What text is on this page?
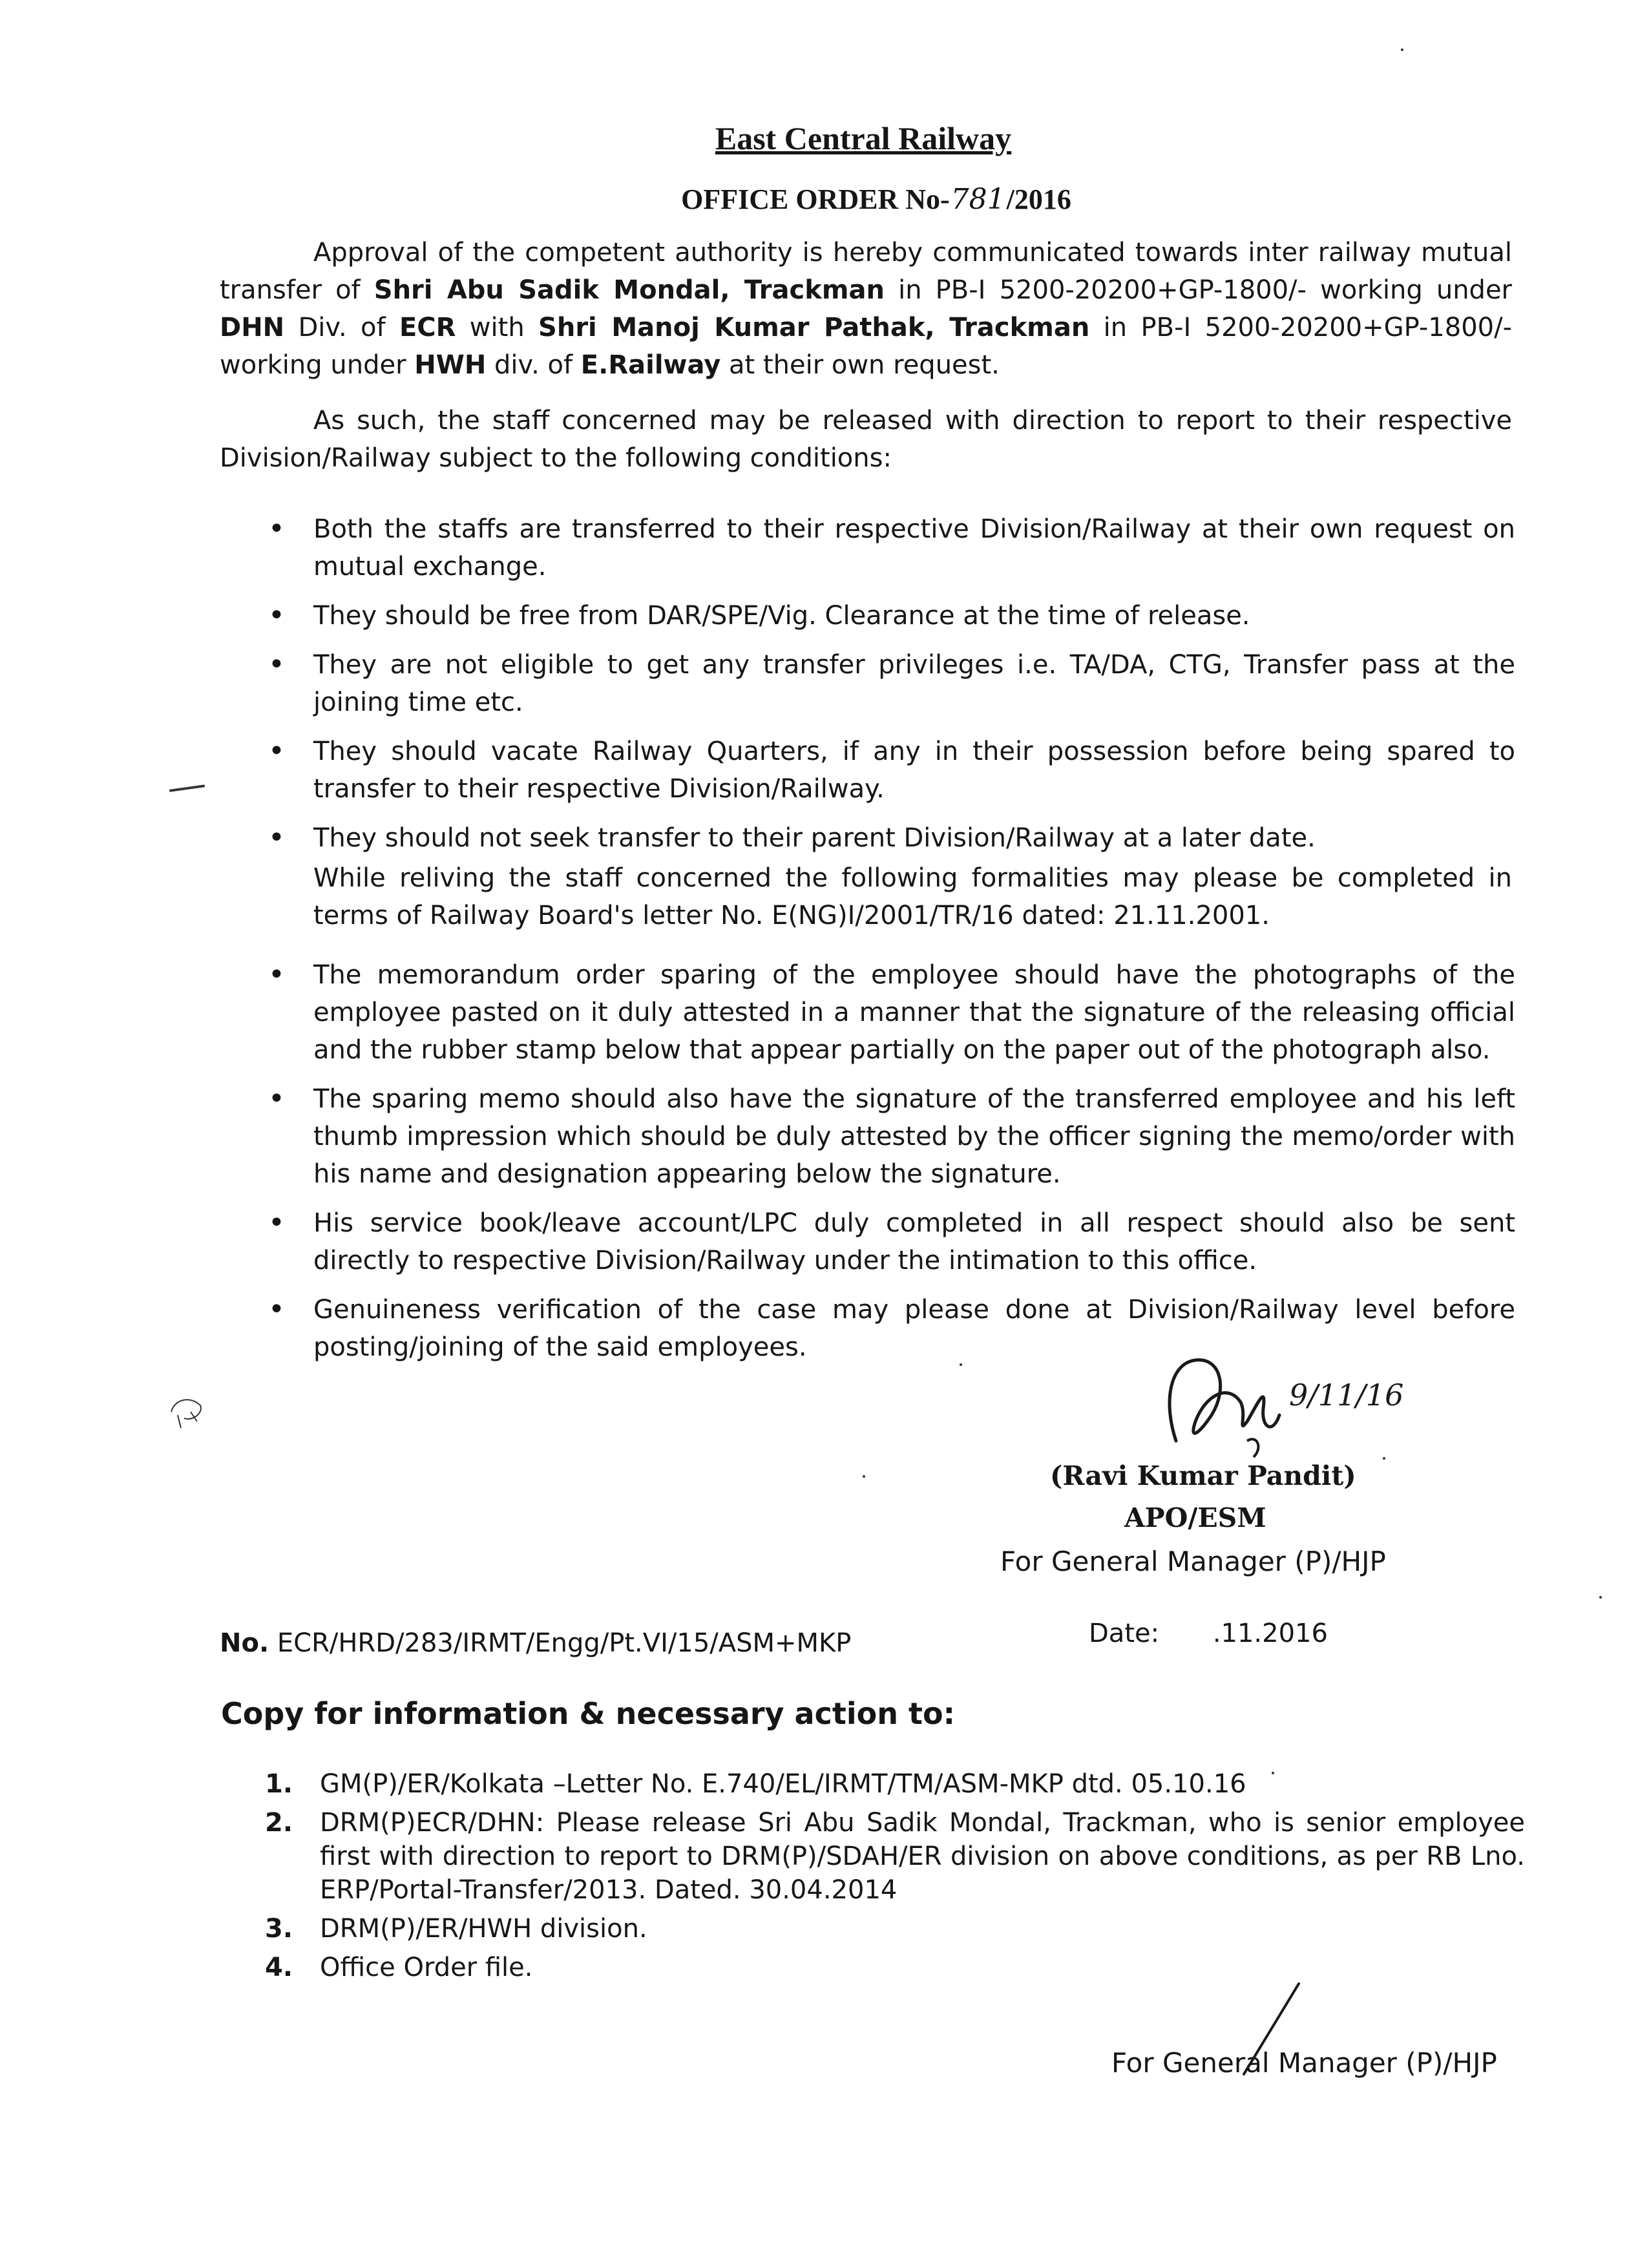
East Central Railway
OFFICE ORDER No-781/2016
Approval of the competent authority is hereby communicated towards inter railway mutual transfer of Shri Abu Sadik Mondal, Trackman in PB-I 5200-20200+GP-1800/- working under DHN Div. of ECR with Shri Manoj Kumar Pathak, Trackman in PB-I 5200-20200+GP-1800/- working under HWH div. of E.Railway at their own request.
As such, the staff concerned may be released with direction to report to their respective Division/Railway subject to the following conditions:
• Both the staffs are transferred to their respective Division/Railway at their own request on mutual exchange.
• They should be free from DAR/SPE/Vig. Clearance at the time of release.
• They are not eligible to get any transfer privileges i.e. TA/DA, CTG, Transfer pass at the joining time etc.
• They should vacate Railway Quarters, if any in their possession before being spared to transfer to their respective Division/Railway.
• They should not seek transfer to their parent Division/Railway at a later date.
While reliving the staff concerned the following formalities may please be completed in terms of Railway Board's letter No. E(NG)I/2001/TR/16 dated: 21.11.2001.
• The memorandum order sparing of the employee should have the photographs of the employee pasted on it duly attested in a manner that the signature of the releasing official and the rubber stamp below that appear partially on the paper out of the photograph also.
• The sparing memo should also have the signature of the transferred employee and his left thumb impression which should be duly attested by the officer signing the memo/order with his name and designation appearing below the signature.
• His service book/leave account/LPC duly completed in all respect should also be sent directly to respective Division/Railway under the intimation to this office.
• Genuineness verification of the case may please done at Division/Railway level before posting/joining of the said employees.
9/11/16
(Ravi Kumar Pandit)
APO/ESM
For General Manager (P)/HJP
No. ECR/HRD/283/IRMT/Engg/Pt.VI/15/ASM+MKP	Date: .11.2016
Copy for information & necessary action to:
1. GM(P)/ER/Kolkata –Letter No. E.740/EL/IRMT/TM/ASM-MKP dtd. 05.10.16
2. DRM(P)ECR/DHN: Please release Sri Abu Sadik Mondal, Trackman, who is senior employee first with direction to report to DRM(P)/SDAH/ER division on above conditions, as per RB Lno. ERP/Portal-Transfer/2013. Dated. 30.04.2014
3. DRM(P)/ER/HWH division.
4. Office Order file.
For General Manager (P)/HJP
